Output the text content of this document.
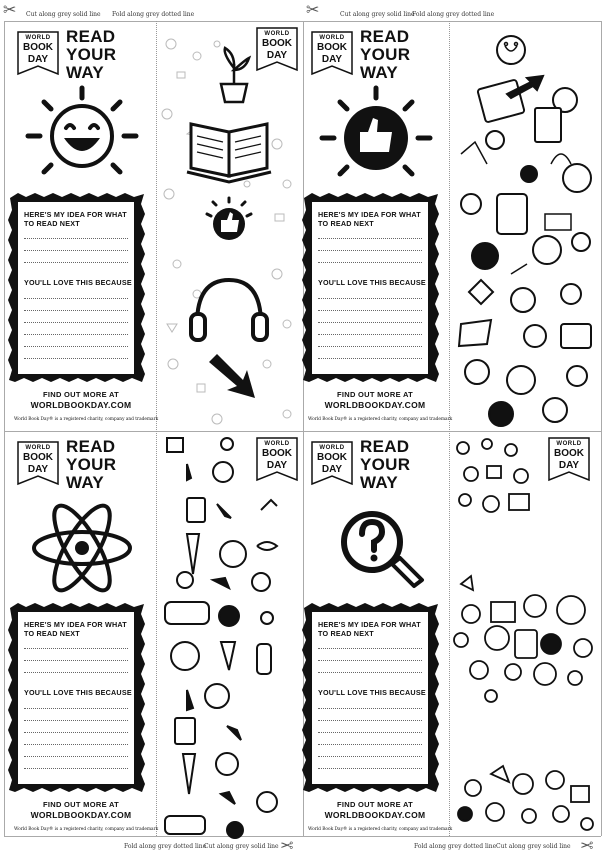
✂ Cut along grey solid line Fold along grey dotted line	✂	Cut along grey solid line
Fold along grey dotted line
Fold along grey dotted line
Cut along grey solid line ✂	Fold along grey dotted line Cut along grey solid line ✂
WORLD
BOOK
DAY
READ
YOUR
WAY
HERE'S MY IDEA FOR WHAT
TO READ NEXT
YOU'LL LOVE THIS BECAUSE
FIND OUT MORE AT
WORLDBOOKDAY.COM
World Book Day® is a registered charity, company and trademark
WORLD
BOOK
DAY
WORLD
BOOK
DAY
READ
YOUR
WAY
HERE'S MY IDEA FOR WHAT
TO READ NEXT
YOU'LL LOVE THIS BECAUSE
FIND OUT MORE AT
WORLDBOOKDAY.COM
World Book Day® is a registered charity, company and trademark
WORLD
BOOK
DAY
READ
YOUR
WAY
HERE'S MY IDEA FOR WHAT
TO READ NEXT
YOU'LL LOVE THIS BECAUSE
FIND OUT MORE AT
WORLDBOOKDAY.COM
World Book Day® is a registered charity, company and trademark
WORLD
BOOK
DAY
WORLD
BOOK
DAY
READ
YOUR
WAY
HERE'S MY IDEA FOR WHAT
TO READ NEXT
YOU'LL LOVE THIS BECAUSE
FIND OUT MORE AT
WORLDBOOKDAY.COM
World Book Day® is a registered charity, company and trademark
WORLD
BOOK
DAY
